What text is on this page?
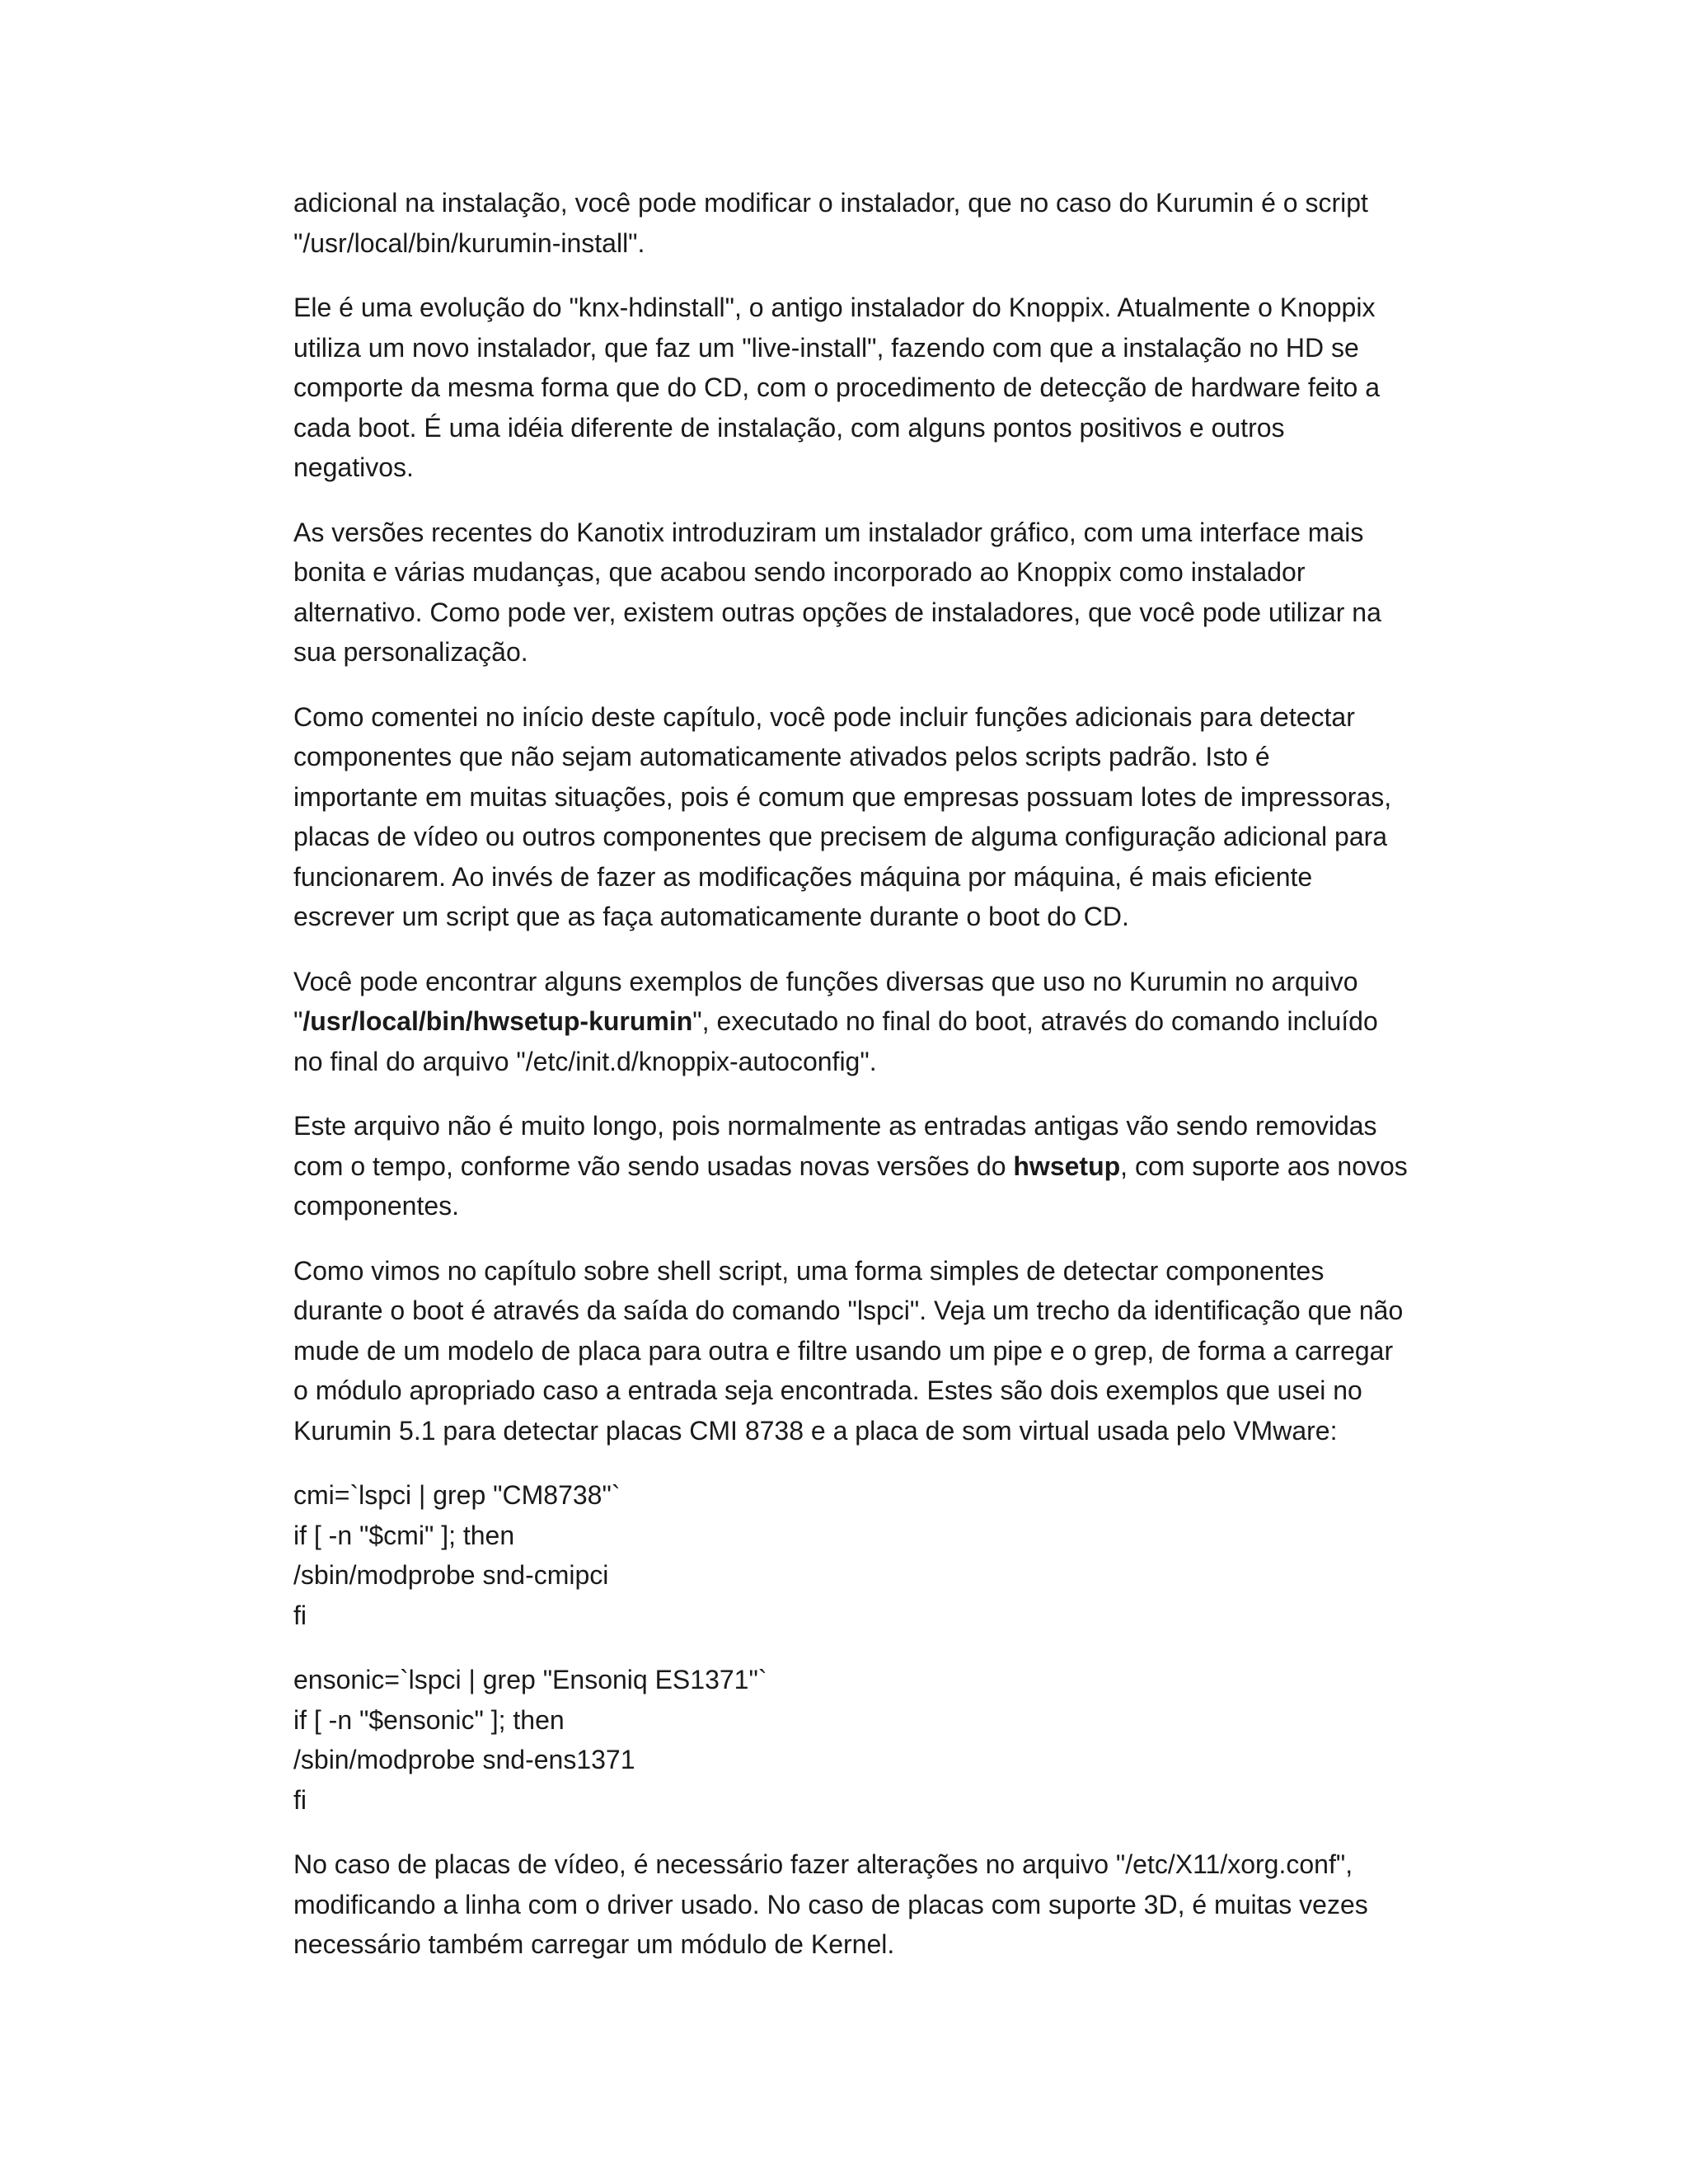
adicional na instalação, você pode modificar o instalador, que no caso do Kurumin é o script
"/usr/local/bin/kurumin-install".

Ele é uma evolução do "knx-hdinstall", o antigo instalador do Knoppix. Atualmente o Knoppix
utiliza um novo instalador, que faz um "live-install", fazendo com que a instalação no HD se
comporte da mesma forma que do CD, com o procedimento de detecção de hardware feito a
cada boot. É uma idéia diferente de instalação, com alguns pontos positivos e outros
negativos.

As versões recentes do Kanotix introduziram um instalador gráfico, com uma interface mais
bonita e várias mudanças, que acabou sendo incorporado ao Knoppix como instalador
alternativo. Como pode ver, existem outras opções de instaladores, que você pode utilizar na
sua personalização.

Como comentei no início deste capítulo, você pode incluir funções adicionais para detectar
componentes que não sejam automaticamente ativados pelos scripts padrão. Isto é
importante em muitas situações, pois é comum que empresas possuam lotes de impressoras,
placas de vídeo ou outros componentes que precisem de alguma configuração adicional para
funcionarem. Ao invés de fazer as modificações máquina por máquina, é mais eficiente
escrever um script que as faça automaticamente durante o boot do CD.

Você pode encontrar alguns exemplos de funções diversas que uso no Kurumin no arquivo
"/usr/local/bin/hwsetup-kurumin", executado no final do boot, através do comando incluído
no final do arquivo "/etc/init.d/knoppix-autoconfig".

Este arquivo não é muito longo, pois normalmente as entradas antigas vão sendo removidas
com o tempo, conforme vão sendo usadas novas versões do hwsetup, com suporte aos novos
componentes.

Como vimos no capítulo sobre shell script, uma forma simples de detectar componentes
durante o boot é através da saída do comando "lspci". Veja um trecho da identificação que não
mude de um modelo de placa para outra e filtre usando um pipe e o grep, de forma a carregar
o módulo apropriado caso a entrada seja encontrada. Estes são dois exemplos que usei no
Kurumin 5.1 para detectar placas CMI 8738 e a placa de som virtual usada pelo VMware:

cmi=`lspci | grep "CM8738"`
if [ -n "$cmi" ]; then
/sbin/modprobe snd-cmipci
fi

ensonic=`lspci | grep "Ensoniq ES1371"`
if [ -n "$ensonic" ]; then
/sbin/modprobe snd-ens1371
fi

No caso de placas de vídeo, é necessário fazer alterações no arquivo "/etc/X11/xorg.conf",
modificando a linha com o driver usado. No caso de placas com suporte 3D, é muitas vezes
necessário também carregar um módulo de Kernel.
